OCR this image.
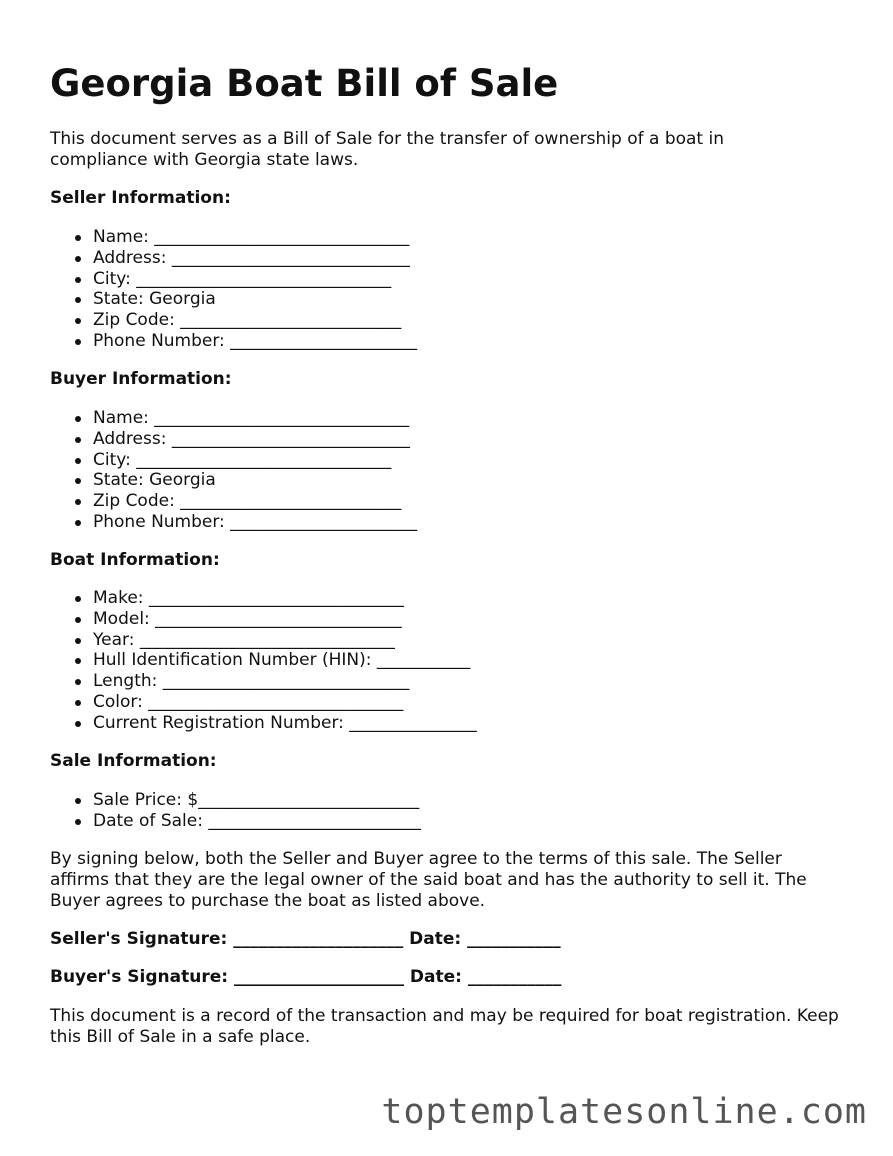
Georgia Boat Bill of Sale

This document serves as a Bill of Sale for the transfer of ownership of a boat in compliance with Georgia state laws.

Seller Information:
Name: ______________________________
Address: ____________________________
City: ______________________________
State: Georgia
Zip Code: __________________________
Phone Number: ______________________
Buyer Information:
Name: ______________________________
Address: ____________________________
City: ______________________________
State: Georgia
Zip Code: __________________________
Phone Number: ______________________
Boat Information:
Make: ______________________________
Model: _____________________________
Year: ______________________________
Hull Identification Number (HIN): ___________
Length: _____________________________
Color: ______________________________
Current Registration Number: _______________
Sale Information:
Sale Price: $__________________________
Date of Sale: _________________________

By signing below, both the Seller and Buyer agree to the terms of this sale. The Seller affirms that they are the legal owner of the said boat and has the authority to sell it. The Buyer agrees to purchase the boat as listed above.

Seller's Signature: ____________________ Date: ___________
Buyer's Signature: ____________________ Date: ___________

This document is a record of the transaction and may be required for boat registration. Keep this Bill of Sale in a safe place.

toptemplatesonline.com
